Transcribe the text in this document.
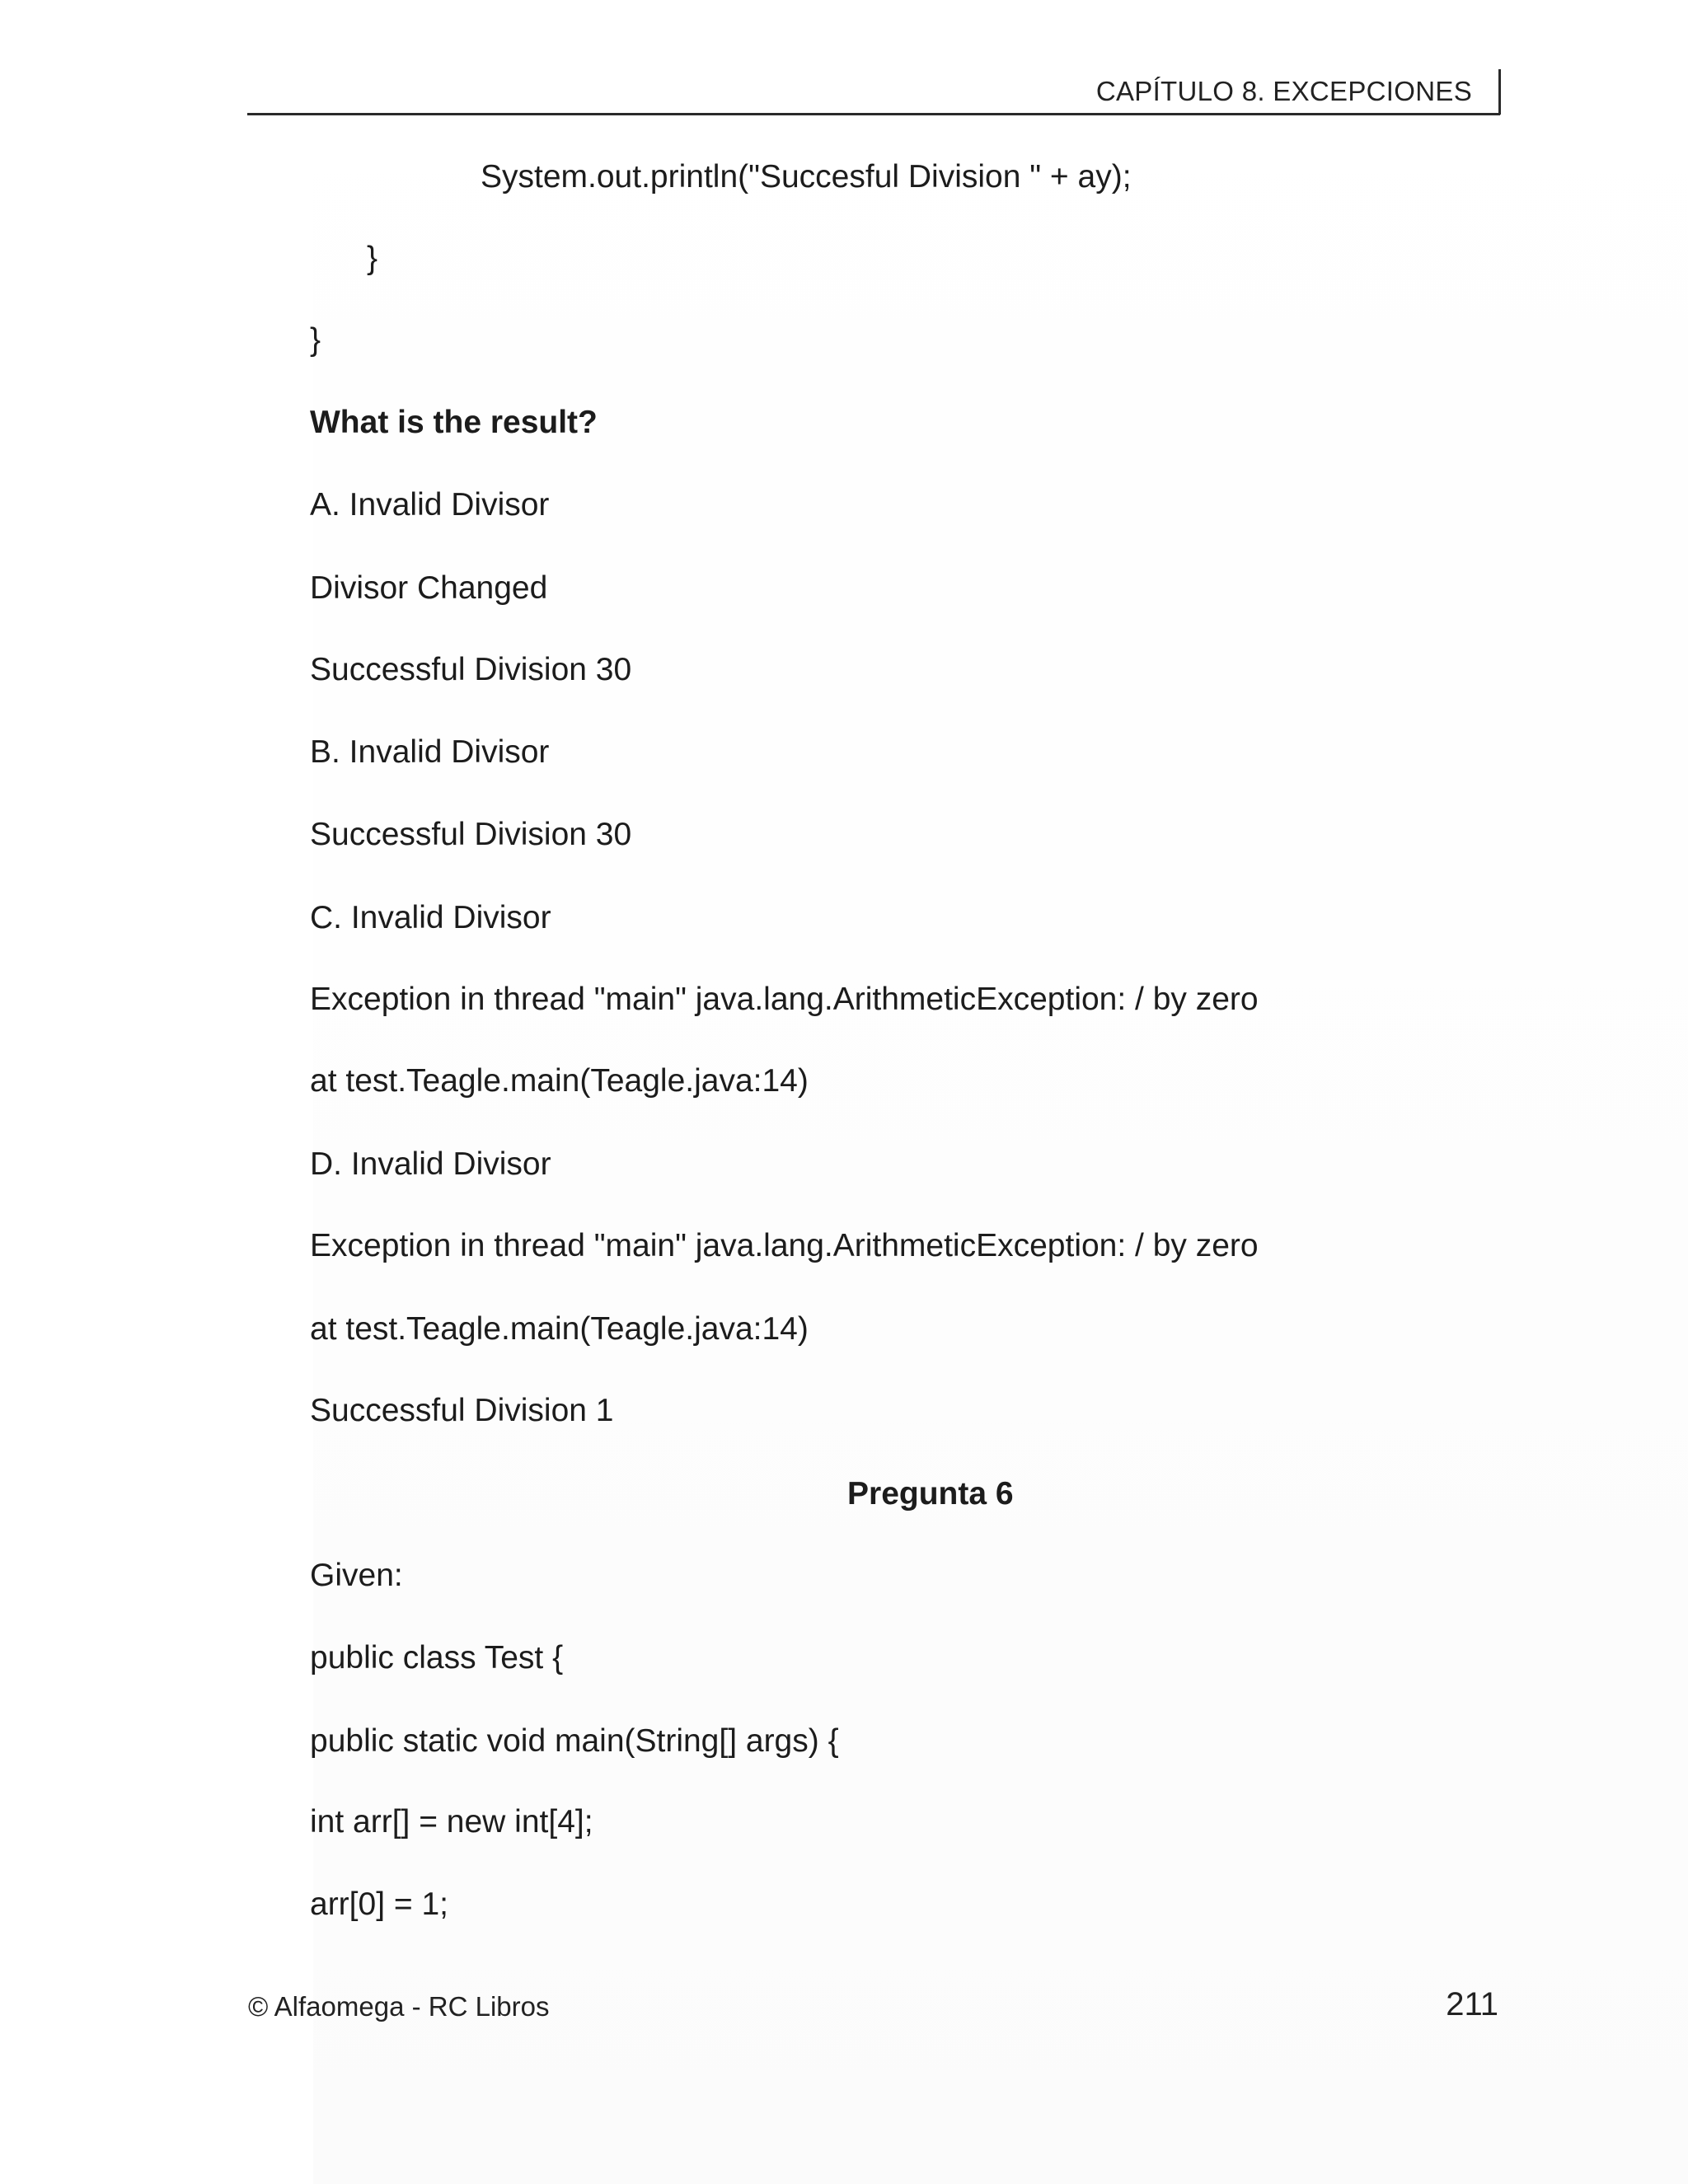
CAPÍTULO 8. EXCEPCIONES
System.out.println("Succesful Division " + ay);
}
}
What is the result?
A. Invalid Divisor
Divisor Changed
Successful Division 30
B. Invalid Divisor
Successful Division 30
C. Invalid Divisor
Exception in thread "main" java.lang.ArithmeticException: / by zero
at test.Teagle.main(Teagle.java:14)
D. Invalid Divisor
Exception in thread "main" java.lang.ArithmeticException: / by zero
at test.Teagle.main(Teagle.java:14)
Successful Division 1
Pregunta 6
Given:
public class Test {
public static void main(String[] args) {
int arr[] = new int[4];
arr[0] = 1;
© Alfaomega - RC Libros	211
